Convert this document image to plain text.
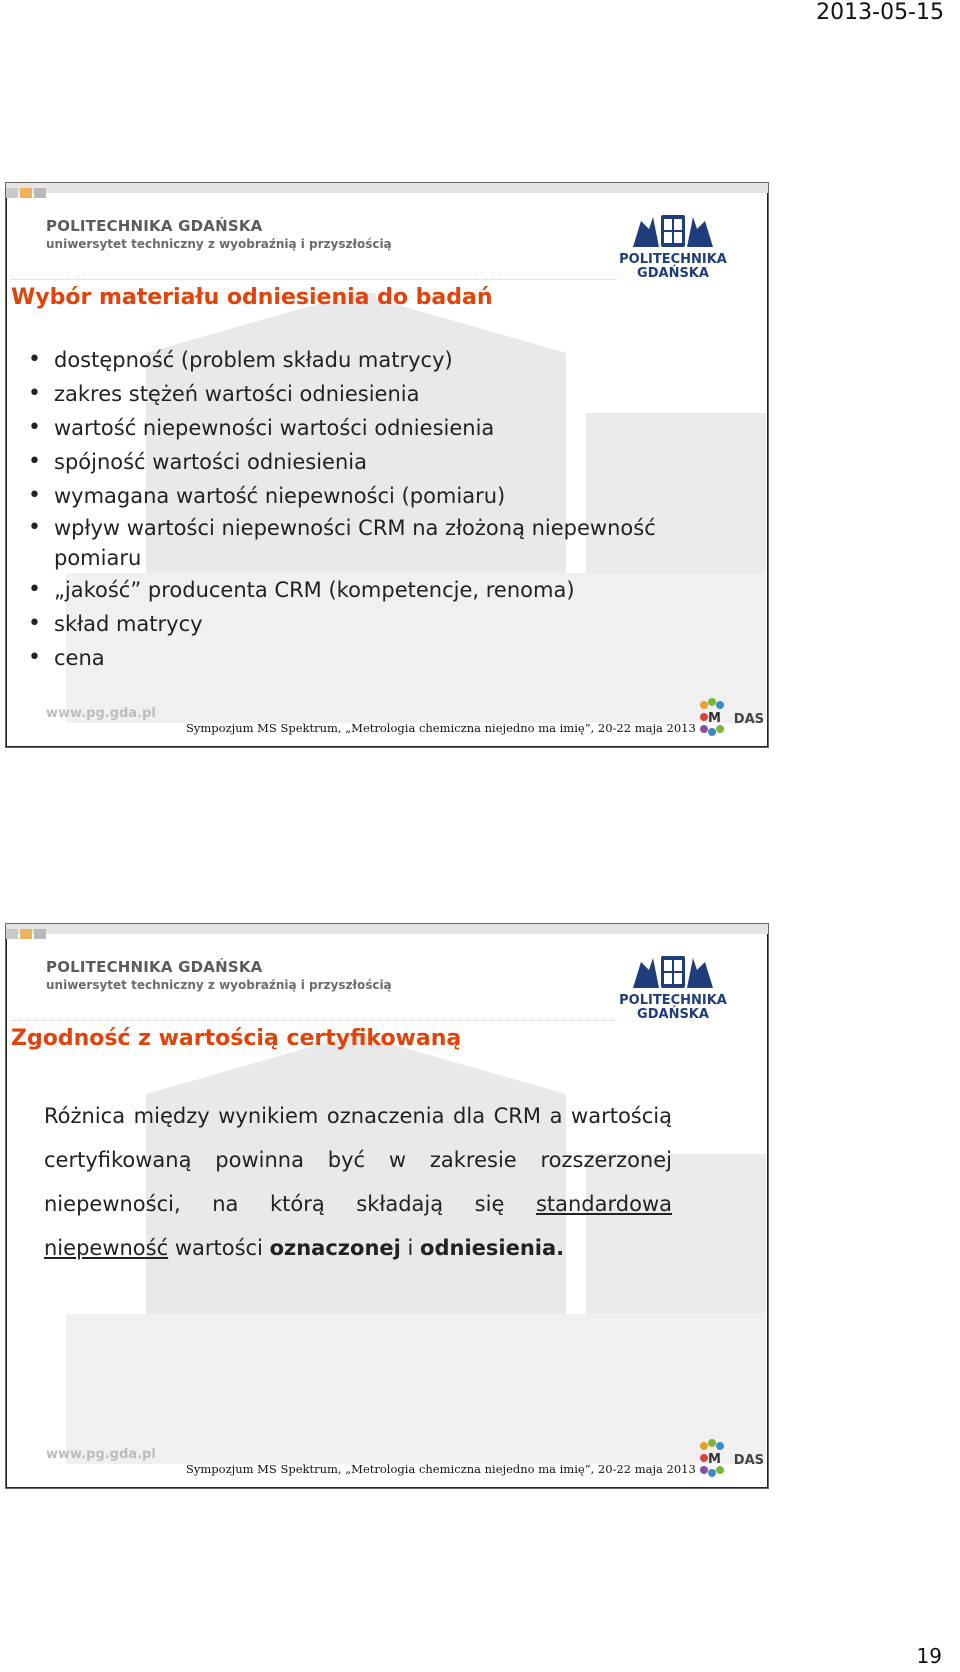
2013-05-15
POLITECHNIKA GDAŃSKA
uniwersytet techniczny z wyobraźnią i przyszłością
POLITECHNIKA
GDAŃSKA
Wybór materiału odniesienia do badań
• dostępność (problem składu matrycy)
• zakres stężeń wartości odniesienia
• wartość niepewności wartości odniesienia
• spójność wartości odniesienia
• wymagana wartość niepewności (pomiaru)
• wpływ wartości niepewności CRM na złożoną niepewność pomiaru
• „jakość” producenta CRM (kompetencje, renoma)
• skład matrycy
• cena
www.pg.gda.pl
Sympozjum MS Spektrum, „Metrologia chemiczna niejedno ma imię”, 20-22 maja 2013
M DAS
POLITECHNIKA GDAŃSKA
uniwersytet techniczny z wyobraźnią i przyszłością
POLITECHNIKA
GDAŃSKA
Zgodność z wartością certyfikowaną
Różnica między wynikiem oznaczenia dla CRM a wartością certyfikowaną powinna być w zakresie rozszerzonej niepewności, na którą składają się standardowa niepewność wartości oznaczonej i odniesienia.
www.pg.gda.pl
Sympozjum MS Spektrum, „Metrologia chemiczna niejedno ma imię”, 20-22 maja 2013
M DAS
19
